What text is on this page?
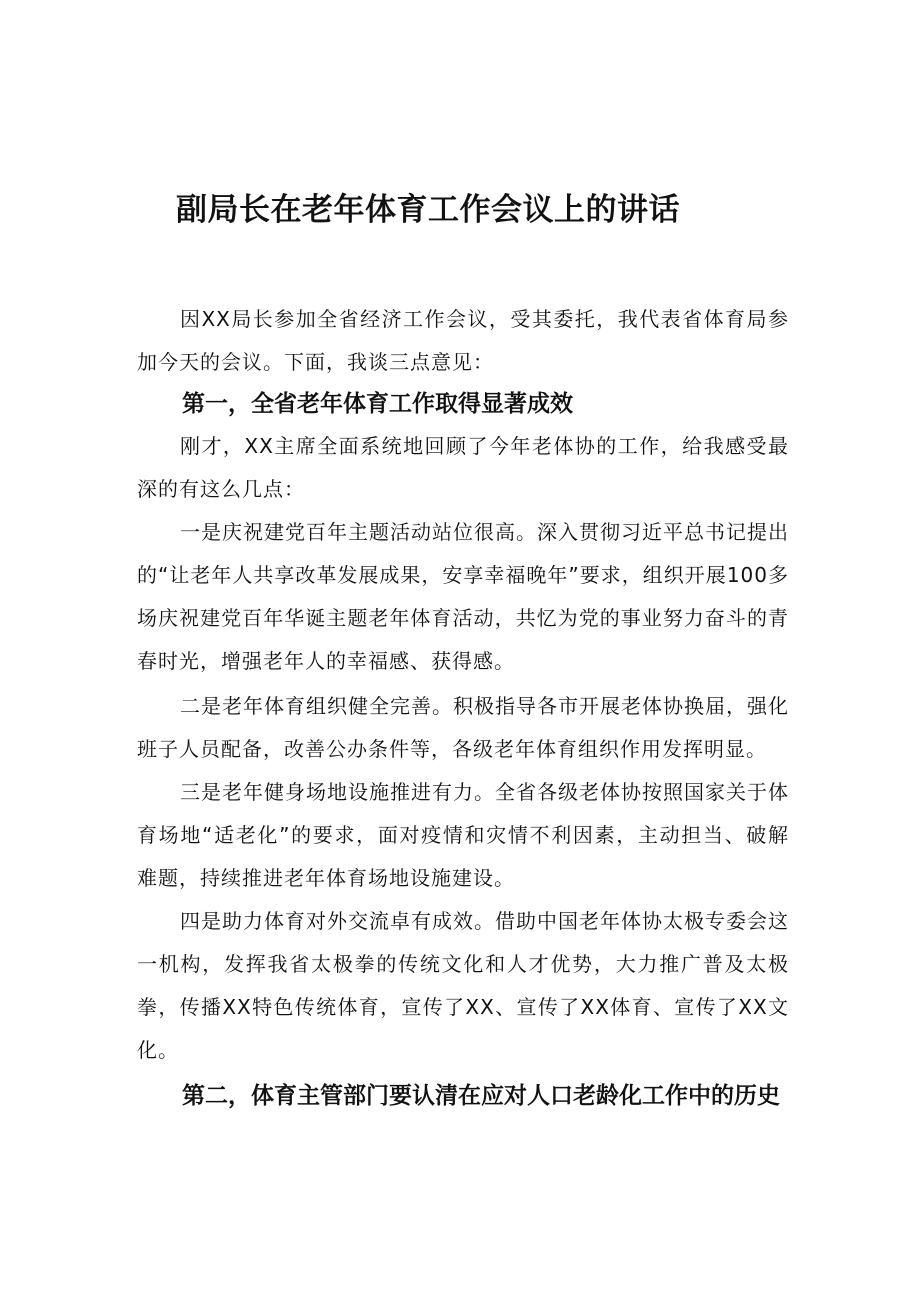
副局长在老年体育工作会议上的讲话

因XX局长参加全省经济工作会议，受其委托，我代表省体育局参加今天的会议。下面，我谈三点意见：

第一，全省老年体育工作取得显著成效

刚才，XX主席全面系统地回顾了今年老体协的工作，给我感受最深的有这么几点：

一是庆祝建党百年主题活动站位很高。深入贯彻习近平总书记提出的“让老年人共享改革发展成果，安享幸福晚年”要求，组织开展100多场庆祝建党百年华诞主题老年体育活动，共忆为党的事业努力奋斗的青春时光，增强老年人的幸福感、获得感。

二是老年体育组织健全完善。积极指导各市开展老体协换届，强化班子人员配备，改善公办条件等，各级老年体育组织作用发挥明显。

三是老年健身场地设施推进有力。全省各级老体协按照国家关于体育场地“适老化”的要求，面对疫情和灾情不利因素，主动担当、破解难题，持续推进老年体育场地设施建设。

四是助力体育对外交流卓有成效。借助中国老年体协太极专委会这一机构，发挥我省太极拳的传统文化和人才优势，大力推广普及太极拳，传播XX特色传统体育，宣传了XX、宣传了XX体育、宣传了XX文化。

第二，体育主管部门要认清在应对人口老龄化工作中的历史
